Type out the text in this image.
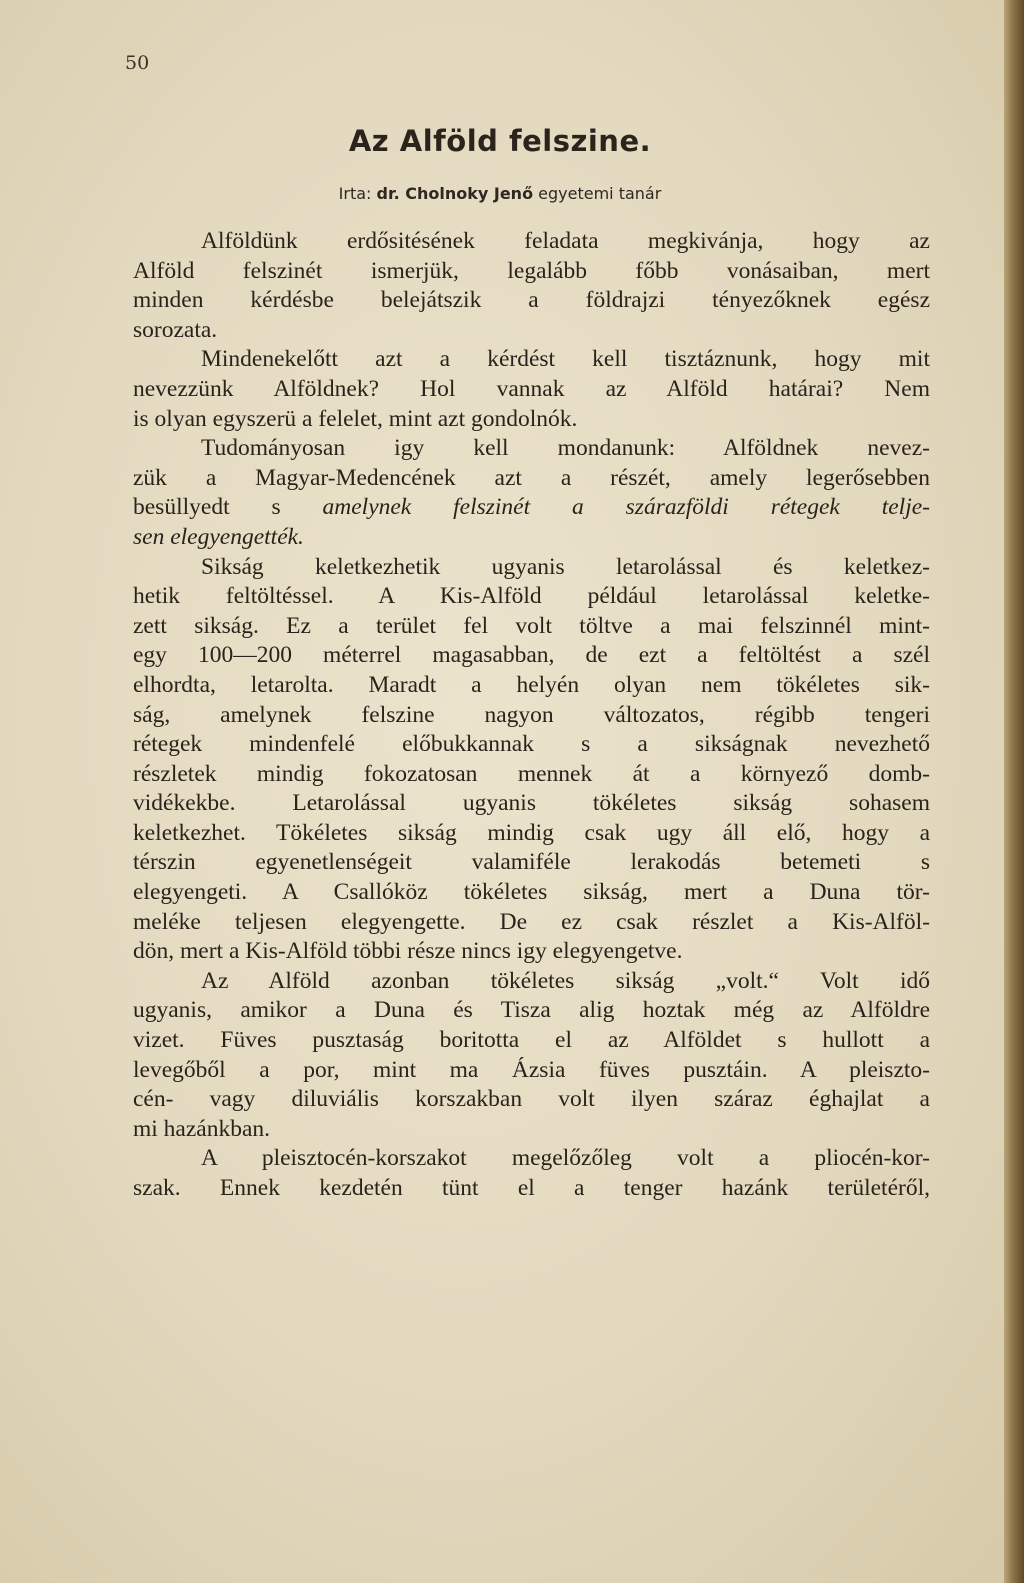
50
Az Alföld felszine.
Irta: dr. Cholnoky Jenő egyetemi tanár
Alföldünk erdősitésének feladata megkivánja, hogy az
Alföld felszinét ismerjük, legalább főbb vonásaiban, mert
minden kérdésbe belejátszik a földrajzi tényezőknek egész
sorozata.
Mindenekelőtt azt a kérdést kell tisztáznunk, hogy mit
nevezzünk Alföldnek? Hol vannak az Alföld határai? Nem
is olyan egyszerü a felelet, mint azt gondolnók.
Tudományosan igy kell mondanunk: Alföldnek nevez-
zük a Magyar-Medencének azt a részét, amely legerősebben
besüllyedt s amelynek felszinét a szárazföldi rétegek telje-
sen elegyengették.
Sikság keletkezhetik ugyanis letarolással és keletkez-
hetik feltöltéssel. A Kis-Alföld például letarolással keletke-
zett sikság. Ez a terület fel volt töltve a mai felszinnél mint-
egy 100—200 méterrel magasabban, de ezt a feltöltést a szél
elhordta, letarolta. Maradt a helyén olyan nem tökéletes sik-
ság, amelynek felszine nagyon változatos, régibb tengeri
rétegek mindenfelé előbukkannak s a sikságnak nevezhető
részletek mindig fokozatosan mennek át a környező domb-
vidékekbe. Letarolással ugyanis tökéletes sikság sohasem
keletkezhet. Tökéletes sikság mindig csak ugy áll elő, hogy a
térszin egyenetlenségeit valamiféle lerakodás betemeti s
elegyengeti. A Csallóköz tökéletes sikság, mert a Duna tör-
meléke teljesen elegyengette. De ez csak részlet a Kis-Alföl-
dön, mert a Kis-Alföld többi része nincs igy elegyengetve.
Az Alföld azonban tökéletes sikság „volt.“ Volt idő
ugyanis, amikor a Duna és Tisza alig hoztak még az Alföldre
vizet. Füves pusztaság boritotta el az Alföldet s hullott a
levegőből a por, mint ma Ázsia füves pusztáin. A pleiszto-
cén- vagy diluviális korszakban volt ilyen száraz éghajlat a
mi hazánkban.
A pleisztocén-korszakot megelőzőleg volt a pliocén-kor-
szak. Ennek kezdetén tünt el a tenger hazánk területéről,
